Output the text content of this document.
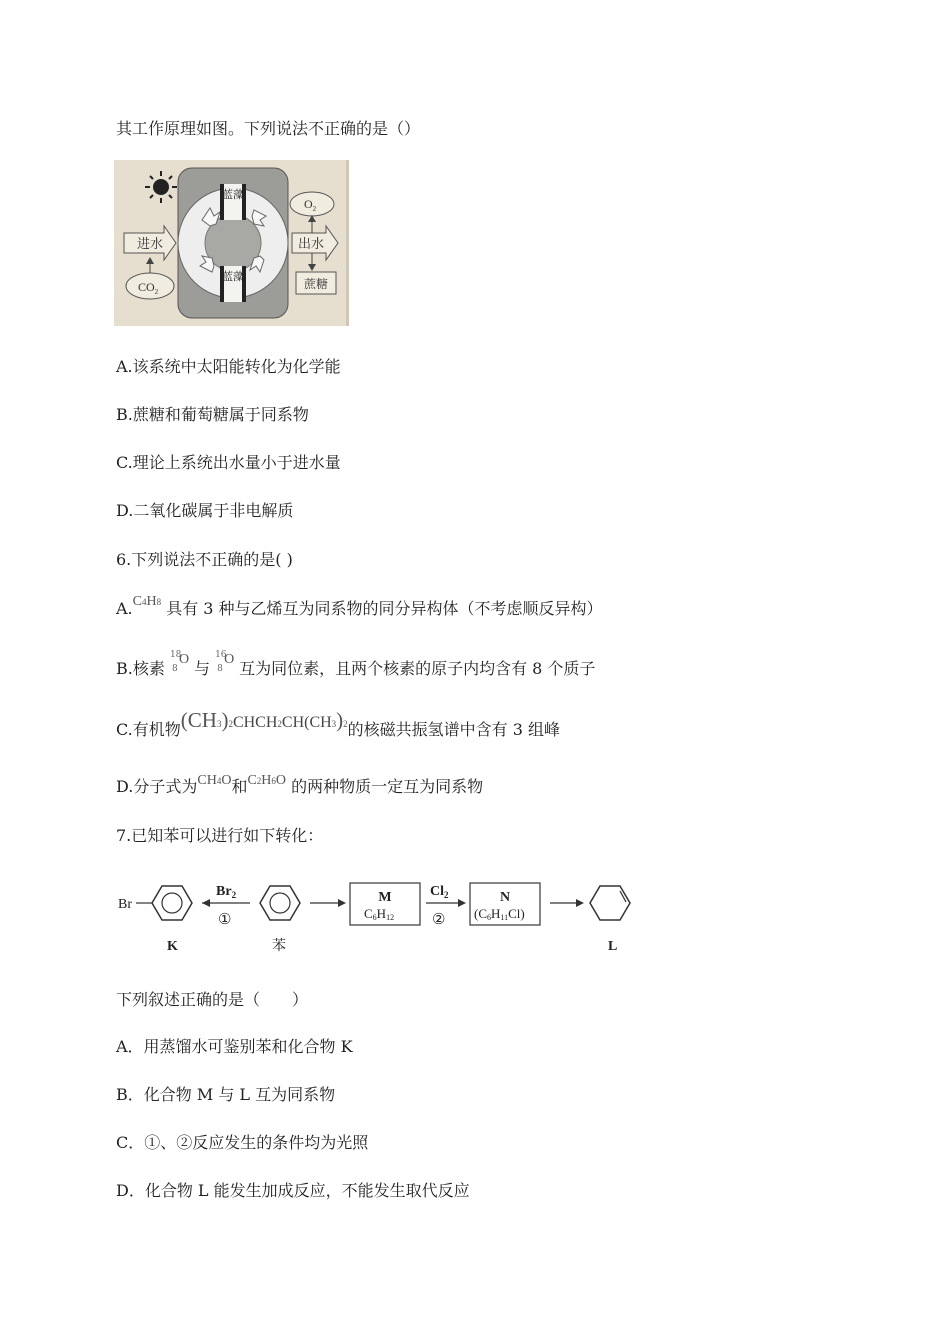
其工作原理如图。下列说法不正确的是（）
进水
$CO_2$
蓝藻
蓝藻
出水
$O_2$
蔗糖
A.该系统中太阳能转化为化学能
B.蔗糖和葡萄糖属于同系物
C.理论上系统出水量小于进水量
D.二氧化碳属于非电解质
6.下列说法不正确的是( )
A.C4H8 具有 3 种与乙烯互为同系物的同分异构体（不考虑顺反异构）
B.核素
18
8
O 与
16
8
O 互为同位素，且两个核素的原子内均含有 8 个质子
C.有机物(CH3)2CHCH2CH(CH3)2的核磁共振氢谱中含有 3 组峰
D.分子式为CH4O和C2H6O 的两种物质一定互为同系物
7.已知苯可以进行如下转化：
Br
K
$Br_2$
①
苯
M
C6H12
$Cl_2$
②
N
(C6H11Cl)
L
下列叙述正确的是（　　）
A．用蒸馏水可鉴别苯和化合物 K
B．化合物 M 与 L 互为同系物
C．①、②反应发生的条件均为光照
D．化合物 L 能发生加成反应，不能发生取代反应
